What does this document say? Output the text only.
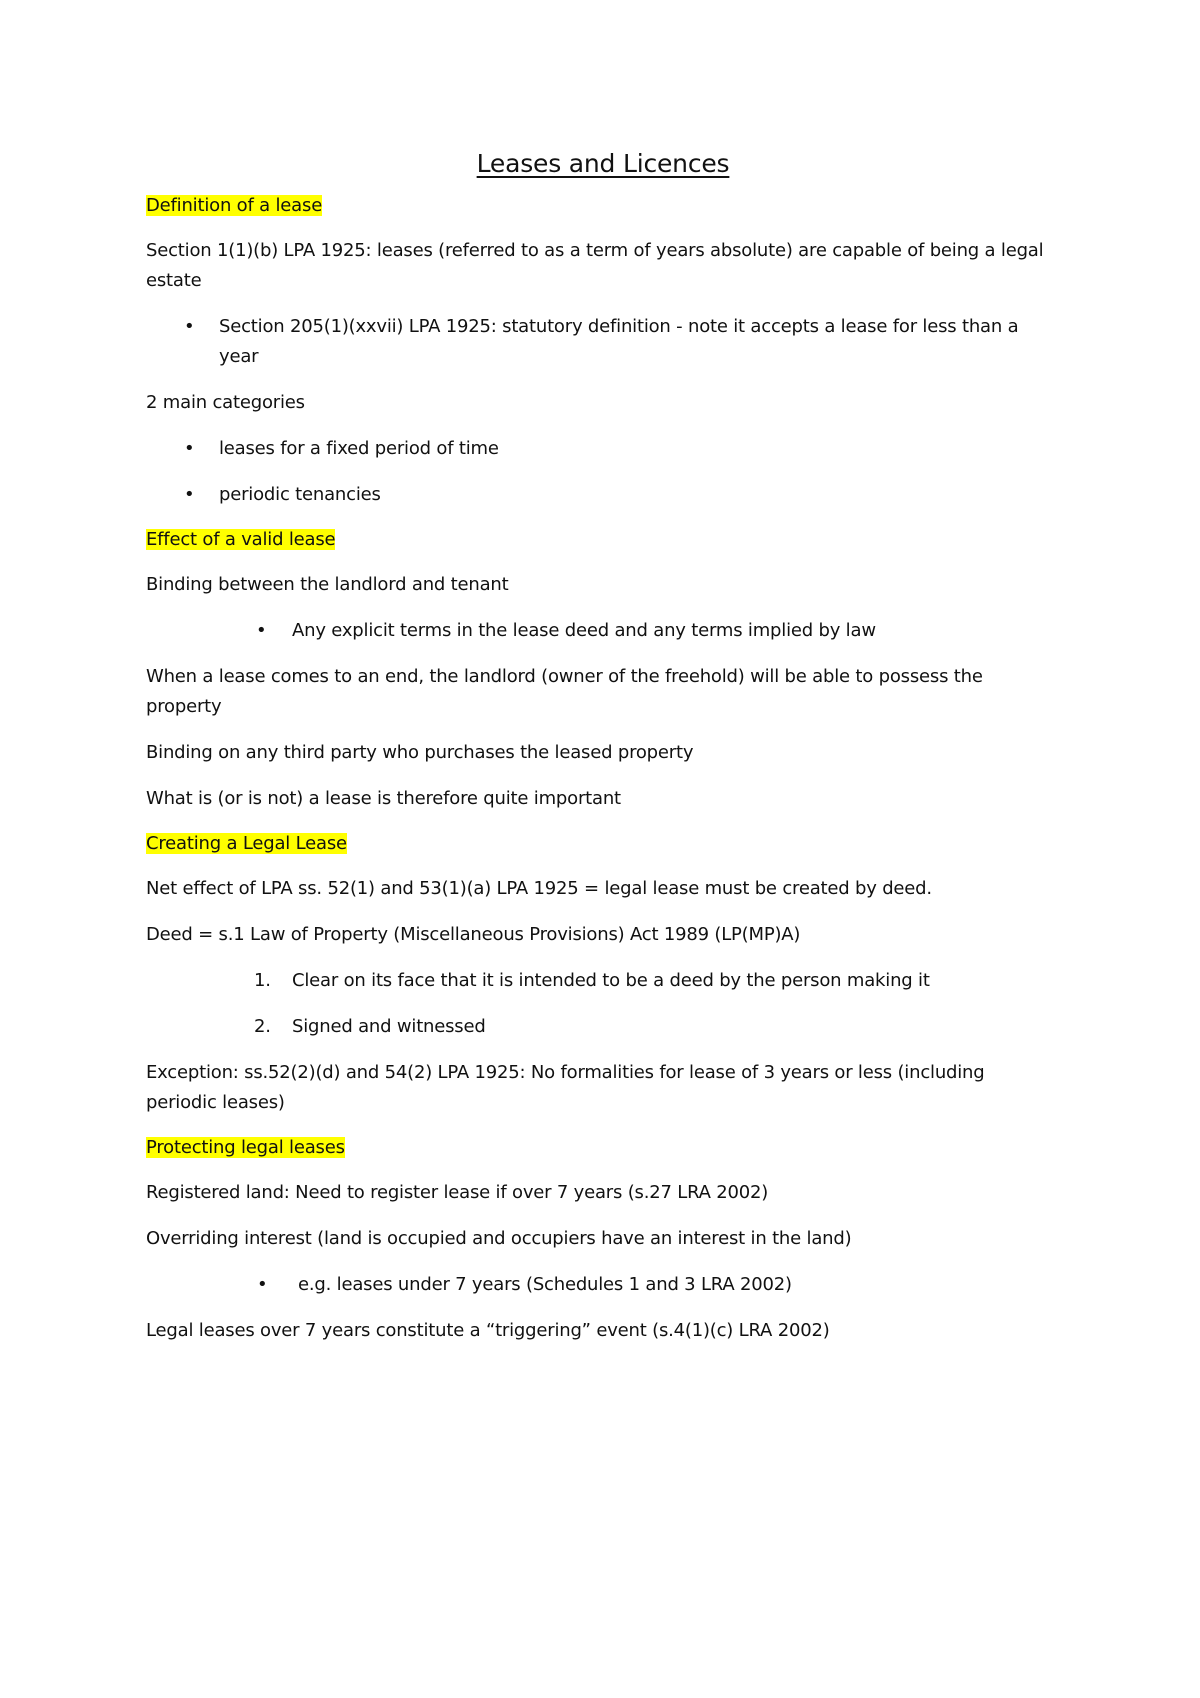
Leases and Licences
Definition of a lease

Section 1(1)(b) LPA 1925: leases (referred to as a term of years absolute) are capable of being a legal estate

• Section 205(1)(xxvii) LPA 1925: statutory definition - note it accepts a lease for less than a year

2 main categories

• leases for a fixed period of time
• periodic tenancies
Effect of a valid lease

Binding between the landlord and tenant

• Any explicit terms in the lease deed and any terms implied by law

When a lease comes to an end, the landlord (owner of the freehold) will be able to possess the property

Binding on any third party who purchases the leased property

What is (or is not) a lease is therefore quite important

Creating a Legal Lease

Net effect of LPA ss. 52(1) and 53(1)(a) LPA 1925 = legal lease must be created by deed.

Deed = s.1 Law of Property (Miscellaneous Provisions) Act 1989 (LP(MP)A)

1. Clear on its face that it is intended to be a deed by the person making it
2. Signed and witnessed

Exception: ss.52(2)(d) and 54(2) LPA 1925: No formalities for lease of 3 years or less (including periodic leases)

Protecting legal leases

Registered land: Need to register lease if over 7 years (s.27 LRA 2002)

Overriding interest (land is occupied and occupiers have an interest in the land)

• e.g. leases under 7 years (Schedules 1 and 3 LRA 2002)

Legal leases over 7 years constitute a “triggering” event (s.4(1)(c) LRA 2002)
